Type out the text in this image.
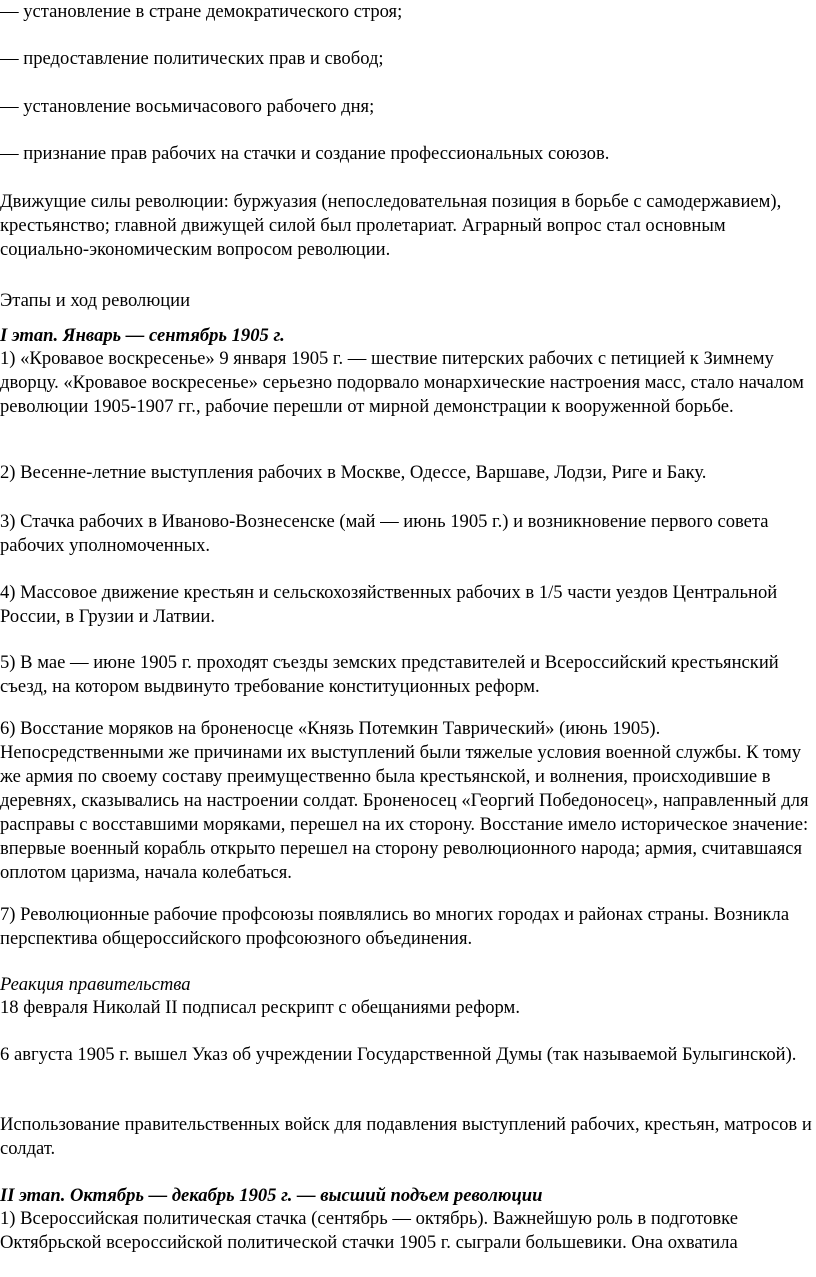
— установление в стране демократического строя;

— предоставление политических прав и свобод;

— установление восьмичасового рабочего дня;

— признание прав рабочих на стачки и создание профессиональных союзов.

Движущие силы революции: буржуазия (непоследовательная позиция в борьбе с самодержавием), крестьянство; главной движущей силой был пролетариат. Аграрный вопрос стал основным социально-экономическим вопросом революции.

Этапы и ход революции

I этап. Январь — сентябрь 1905 г.

1) «Кровавое воскресенье» 9 января 1905 г. — шествие питерских рабочих с петицией к Зимнему дворцу. «Кровавое воскресенье» серьезно подорвало монархические настроения масс, стало началом революции 1905-1907 гг., рабочие перешли от мирной демонстрации к вооруженной борьбе.

2) Весенне-летние выступления рабочих в Москве, Одессе, Варшаве, Лодзи, Риге и Баку.

3) Стачка рабочих в Иваново-Вознесенске (май — июнь 1905 г.) и возникновение первого совета рабочих уполномоченных.

4) Массовое движение крестьян и сельскохозяйственных рабочих в 1/5 части уездов Центральной России, в Грузии и Латвии.

5) В мае — июне 1905 г. проходят съезды земских представителей и Всероссийский крестьянский съезд, на котором выдвинуто требование конституционных реформ.

6) Восстание моряков на броненосце «Князь Потемкин Таврический» (июнь 1905). Непосредственными же причинами их выступлений были тяжелые условия военной службы. К тому же армия по своему составу преимущественно была крестьянской, и волнения, происходившие в деревнях, сказывались на настроении солдат. Броненосец «Георгий Победоносец», направленный для расправы с восставшими моряками, перешел на их сторону. Восстание имело историческое значение: впервые военный корабль открыто перешел на сторону революционного народа; армия, считавшаяся оплотом царизма, начала колебаться.

7) Революционные рабочие профсоюзы появлялись во многих городах и районах страны. Возникла перспектива общероссийского профсоюзного объединения.

Реакция правительства

18 февраля Николай II подписал рескрипт с обещаниями реформ.

6 августа 1905 г. вышел Указ об учреждении Государственной Думы (так называемой Булыгинской).

Использование правительственных войск для подавления выступлений рабочих, крестьян, матросов и солдат.

II этап. Октябрь — декабрь 1905 г. — высший подъем революции

1) Всероссийская политическая стачка (сентябрь — октябрь). Важнейшую роль в подготовке Октябрьской всероссийской политической стачки 1905 г. сыграли большевики. Она охватила
